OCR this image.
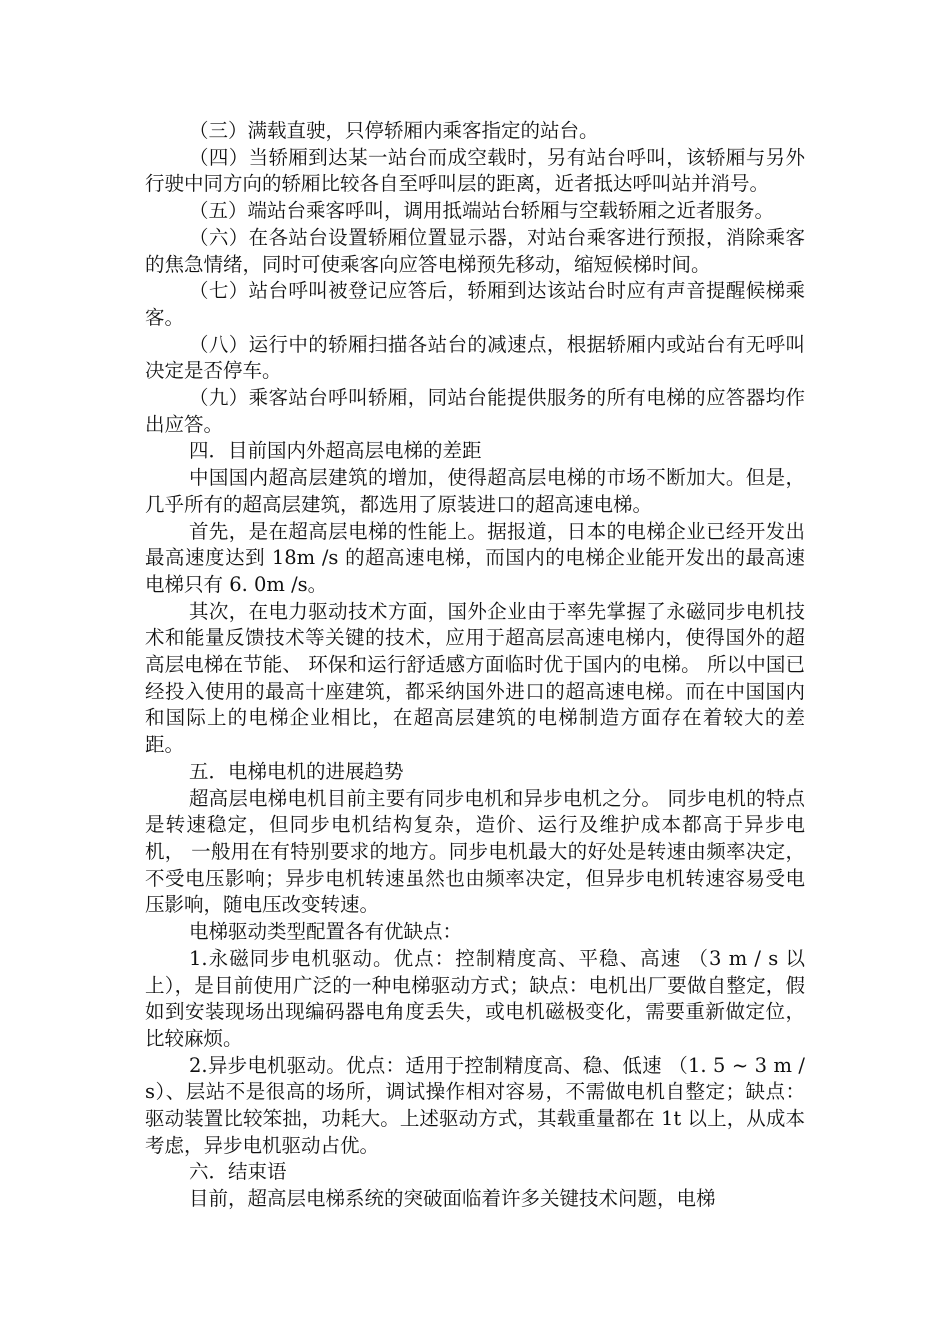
（三）满载直驶，只停轿厢内乘客指定的站台。

（四）当轿厢到达某一站台而成空载时，另有站台呼叫，该轿厢与另外行驶中同方向的轿厢比较各自至呼叫层的距离，近者抵达呼叫站并消号。

（五）端站台乘客呼叫，调用抵端站台轿厢与空载轿厢之近者服务。

（六）在各站台设置轿厢位置显示器，对站台乘客进行预报，消除乘客的焦急情绪，同时可使乘客向应答电梯预先移动，缩短候梯时间。

（七）站台呼叫被登记应答后，轿厢到达该站台时应有声音提醒候梯乘客。

（八）运行中的轿厢扫描各站台的减速点，根据轿厢内或站台有无呼叫决定是否停车。

（九）乘客站台呼叫轿厢，同站台能提供服务的所有电梯的应答器均作出应答。

四．目前国内外超高层电梯的差距

中国国内超高层建筑的增加，使得超高层电梯的市场不断加大。但是，几乎所有的超高层建筑，都选用了原装进口的超高速电梯。

首先，是在超高层电梯的性能上。据报道，日本的电梯企业已经开发出最高速度达到 18m /s 的超高速电梯，而国内的电梯企业能开发出的最高速电梯只有 6. 0m /s。

其次，在电力驱动技术方面，国外企业由于率先掌握了永磁同步电机技术和能量反馈技术等关键的技术，应用于超高层高速电梯内，使得国外的超高层电梯在节能、 环保和运行舒适感方面临时优于国内的电梯。 所以中国已经投入使用的最高十座建筑，都采纳国外进口的超高速电梯。而在中国国内和国际上的电梯企业相比，在超高层建筑的电梯制造方面存在着较大的差距。

五．电梯电机的进展趋势

超高层电梯电机目前主要有同步电机和异步电机之分。 同步电机的特点是转速稳定，但同步电机结构复杂，造价、运行及维护成本都高于异步电机， 一般用在有特别要求的地方。同步电机最大的好处是转速由频率决定，不受电压影响；异步电机转速虽然也由频率决定，但异步电机转速容易受电压影响，随电压改变转速。

电梯驱动类型配置各有优缺点：

1.永磁同步电机驱动。优点：控制精度高、平稳、高速 （3 m / s 以上），是目前使用广泛的一种电梯驱动方式；缺点：电机出厂要做自整定，假如到安装现场出现编码器电角度丢失，或电机磁极变化，需要重新做定位，比较麻烦。

2.异步电机驱动。优点：适用于控制精度高、稳、低速 （1. 5 ~ 3 m / s）、层站不是很高的场所，调试操作相对容易，不需做电机自整定；缺点： 驱动装置比较笨拙，功耗大。上述驱动方式，其载重量都在 1t 以上，从成本考虑，异步电机驱动占优。

六．结束语

目前，超高层电梯系统的突破面临着许多关键技术问题，电梯
